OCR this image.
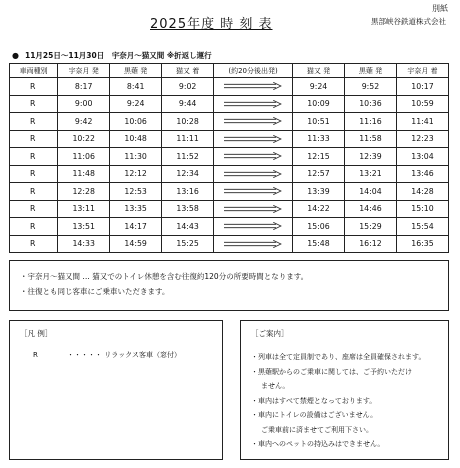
別紙
2025年度 時 刻 表	黒部峡谷鉄道株式会社
● 11月25日～11月30日　宇奈月～猫又間 ※折返し運行
車両種別	宇奈月 発	黒薙 発	猫又 着	(約20分後出発)	猫又 発	黒薙 発	宇奈月 着
R	8:17	8:41	9:02		9:24	9:52	10:17
R	9:00	9:24	9:44		10:09	10:36	10:59
R	9:42	10:06	10:28		10:51	11:16	11:41
R	10:22	10:48	11:11		11:33	11:58	12:23
R	11:06	11:30	11:52		12:15	12:39	13:04
R	11:48	12:12	12:34		12:57	13:21	13:46
R	12:28	12:53	13:16		13:39	14:04	14:28
R	13:11	13:35	13:58		14:22	14:46	15:10
R	13:51	14:17	14:43		15:06	15:29	15:54
R	14:33	14:59	15:25		15:48	16:12	16:35
・宇奈月～猫又間 … 猫又でのトイレ休憩を含む往復約120分の所要時間となります。
・往復とも同じ客車にご乗車いただきます。
［凡 例］
R	・・・・・ リラックス客車（窓付）
［ご案内］
・列車は全て定員制であり、座席は全員確保されます。
・黒薙駅からのご乗車に関しては、ご予約いただけ
ません。
・車内はすべて禁煙となっております。
・車内にトイレの設備はございません。
ご乗車前に済ませてご利用下さい。
・車内へのペットの持込みはできません。
